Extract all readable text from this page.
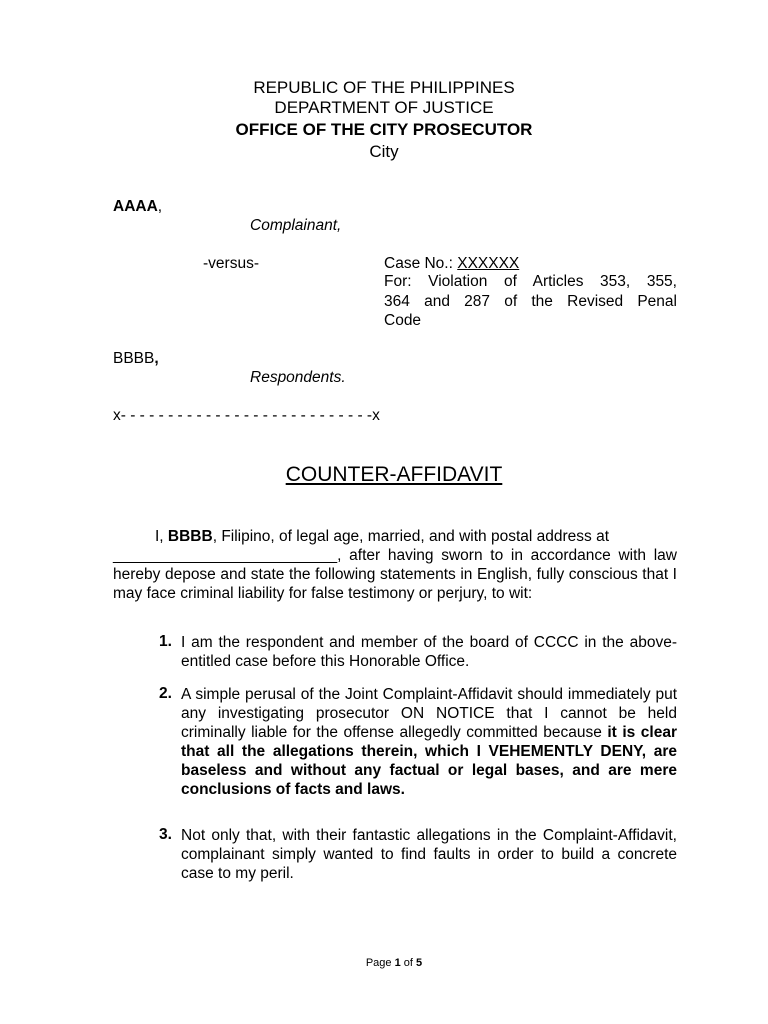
REPUBLIC OF THE PHILIPPINES
DEPARTMENT OF JUSTICE
OFFICE OF THE CITY PROSECUTOR
City
AAAA,
Complainant,
-versus-	Case No.: XXXXXX
For: Violation of Articles 353, 355,
364 and 287 of the Revised Penal
Code
BBBB,
Respondents.
x- - - - - - - - - - - - - - - - - - - - - - - - - - -x
COUNTER-AFFIDAVIT
I, BBBB, Filipino, of legal age, married, and with postal address at
__________________________, after having sworn to in accordance with law hereby depose and state the following statements in English, fully conscious that I may face criminal liability for false testimony or perjury, to wit:
1. I am the respondent and member of the board of CCCC in the above-entitled case before this Honorable Office.
2. A simple perusal of the Joint Complaint-Affidavit should immediately put any investigating prosecutor ON NOTICE that I cannot be held criminally liable for the offense allegedly committed because it is clear that all the allegations therein, which I VEHEMENTLY DENY, are baseless and without any factual or legal bases, and are mere conclusions of facts and laws.
3. Not only that, with their fantastic allegations in the Complaint-Affidavit, complainant simply wanted to find faults in order to build a concrete case to my peril.
Page 1 of 5
